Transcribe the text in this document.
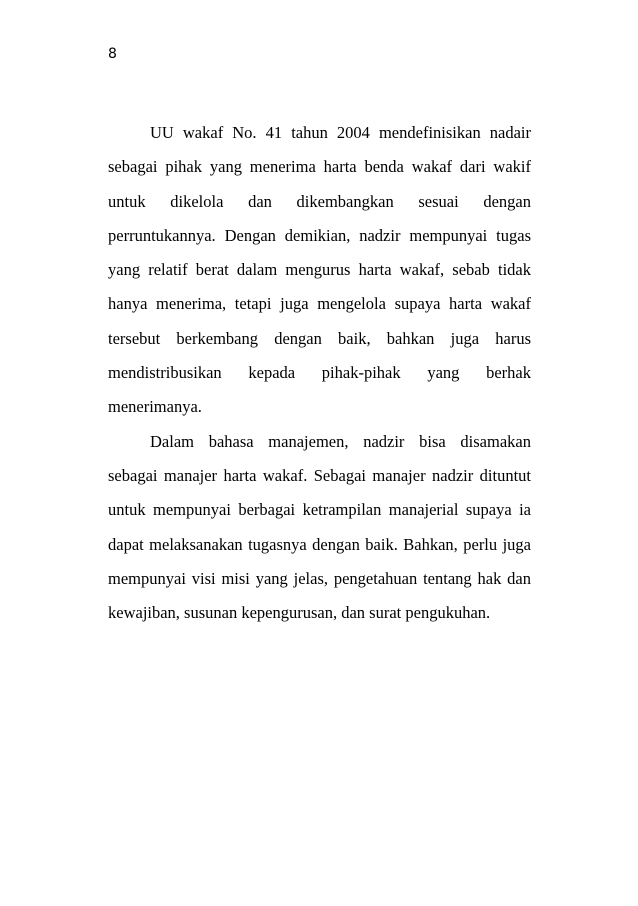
8

UU wakaf No. 41 tahun 2004 mendefinisikan nadair sebagai pihak yang menerima harta benda wakaf dari wakif untuk dikelola dan dikembangkan sesuai dengan perruntukannya. Dengan demikian, nadzir mempunyai tugas yang relatif berat dalam mengurus harta wakaf, sebab tidak hanya menerima, tetapi juga mengelola supaya harta wakaf tersebut berkembang dengan baik, bahkan juga harus mendistribusikan kepada pihak-pihak yang berhak menerimanya.

Dalam bahasa manajemen, nadzir bisa disamakan sebagai manajer harta wakaf. Sebagai manajer nadzir dituntut untuk mempunyai berbagai ketrampilan manajerial supaya ia dapat melaksanakan tugasnya dengan baik. Bahkan, perlu juga mempunyai visi misi yang jelas, pengetahuan tentang hak dan kewajiban, susunan kepengurusan, dan surat pengukuhan.
